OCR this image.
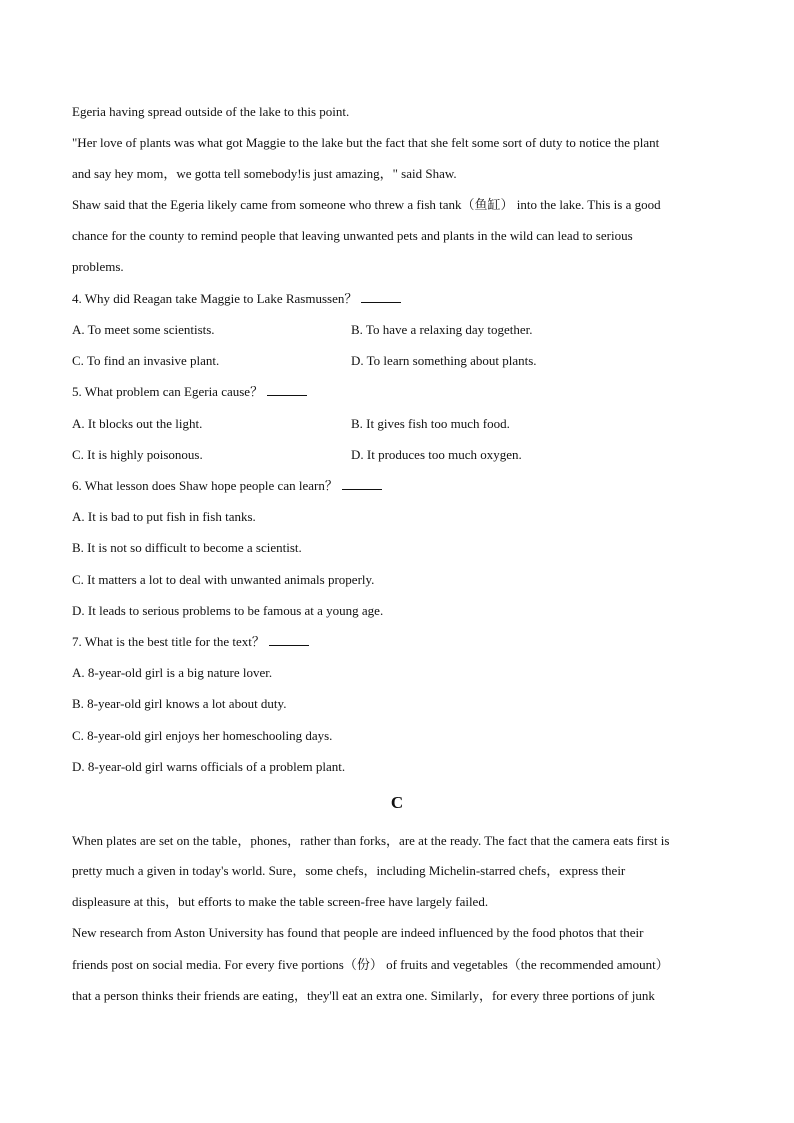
Egeria having spread outside of the lake to this point.
"Her love of plants was what got Maggie to the lake but the fact that she felt some sort of duty to notice the plant
and say hey mom，we gotta tell somebody!is just amazing，" said Shaw.
Shaw said that the Egeria likely came from someone who threw a fish tank（鱼缸） into the lake. This is a good
chance for the county to remind people that leaving unwanted pets and plants in the wild can lead to serious
problems.
4. Why did Reagan take Maggie to Lake Rasmussen？
A. To meet some scientists.	B. To have a relaxing day together.
C. To find an invasive plant.	D. To learn something about plants.
5. What problem can Egeria cause？
A. It blocks out the light.	B. It gives fish too much food.
C. It is highly poisonous.	D. It produces too much oxygen.
6. What lesson does Shaw hope people can learn？
A. It is bad to put fish in fish tanks.
B. It is not so difficult to become a scientist.
C. It matters a lot to deal with unwanted animals properly.
D. It leads to serious problems to be famous at a young age.
7. What is the best title for the text？
A. 8-year-old girl is a big nature lover.
B. 8-year-old girl knows a lot about duty.
C. 8-year-old girl enjoys her homeschooling days.
D. 8-year-old girl warns officials of a problem plant.
C
When plates are set on the table，phones，rather than forks，are at the ready. The fact that the camera eats first is
pretty much a given in today's world. Sure，some chefs，including Michelin-starred chefs，express their
displeasure at this，but efforts to make the table screen-free have largely failed.
New research from Aston University has found that people are indeed influenced by the food photos that their
friends post on social media. For every five portions（份） of fruits and vegetables（the recommended amount）
that a person thinks their friends are eating，they'll eat an extra one. Similarly，for every three portions of junk
